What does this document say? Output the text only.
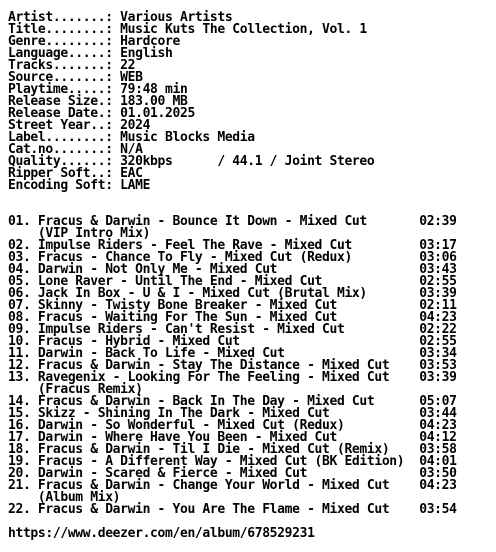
Artist.......: Various Artists
Title........: Music Kuts The Collection, Vol. 1
Genre........: Hardcore
Language.....: English
Tracks.......: 22
Source.......: WEB
Playtime.....: 79:48 min
Release Size.: 183.00 MB
Release Date.: 01.01.2025
Street Year..: 2024
Label........: Music Blocks Media
Cat.no.......: N/A
Quality......: 320kbps      / 44.1 / Joint Stereo
Ripper Soft..: EAC
Encoding Soft: LAME

01. Fracus & Darwin - Bounce It Down - Mixed Cut       02:39
(VIP Intro Mix)
02. Impulse Riders - Feel The Rave - Mixed Cut         03:17
03. Fracus - Chance To Fly - Mixed Cut (Redux)         03:06
04. Darwin - Not Only Me - Mixed Cut                   03:43
05. Lone Raver - Until The End - Mixed Cut             02:55
06. Jack In Box - U & I - Mixed Cut (Brutal Mix)       03:39
07. Skinny - Twisty Bone Breaker - Mixed Cut           02:11
08. Fracus - Waiting For The Sun - Mixed Cut           04:23
09. Impulse Riders - Can't Resist - Mixed Cut          02:22
10. Fracus - Hybrid - Mixed Cut                        02:55
11. Darwin - Back To Life - Mixed Cut                  03:34
12. Fracus & Darwin - Stay The Distance - Mixed Cut    03:53
13. Ravegenix - Looking For The Feeling - Mixed Cut    03:39
(Fracus Remix)
14. Fracus & Darwin - Back In The Day - Mixed Cut      05:07
15. Skizz - Shining In The Dark - Mixed Cut            03:44
16. Darwin - So Wonderful - Mixed Cut (Redux)          04:23
17. Darwin - Where Have You Been - Mixed Cut           04:12
18. Fracus & Darwin - Til I Die - Mixed Cut (Remix)    03:58
19. Fracus - A Different Way - Mixed Cut (BK Edition)  04:01
20. Darwin - Scared & Fierce - Mixed Cut               03:50
21. Fracus & Darwin - Change Your World - Mixed Cut    04:23
(Album Mix)
22. Fracus & Darwin - You Are The Flame - Mixed Cut    03:54

https://www.deezer.com/en/album/678529231
